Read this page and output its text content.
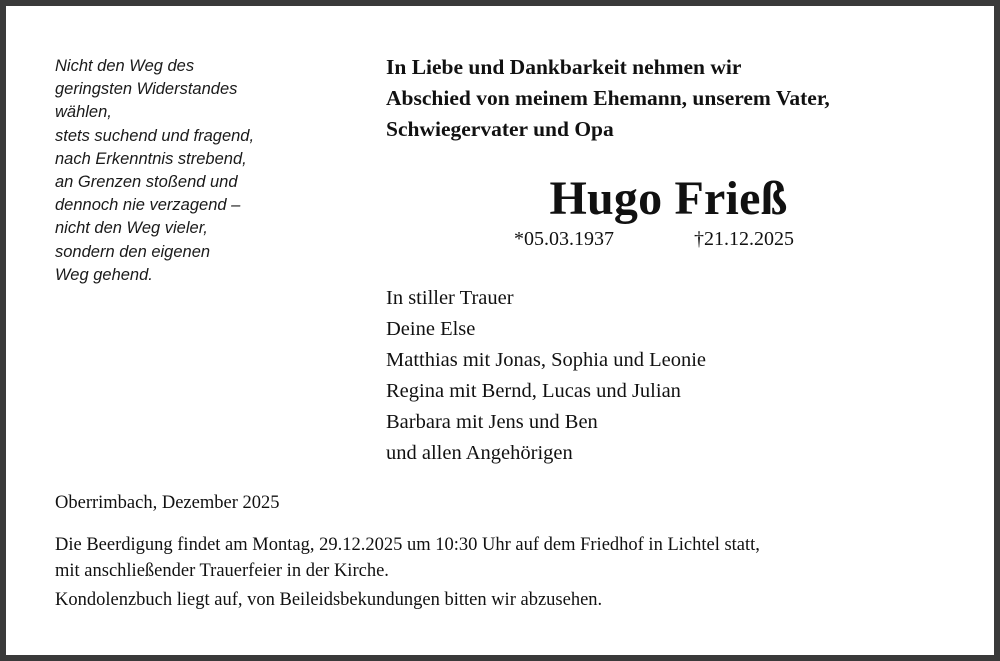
Nicht den Weg des
geringsten Widerstandes
wählen,
stets suchend und fragend,
nach Erkenntnis strebend,
an Grenzen stoßend und
dennoch nie verzagend –
nicht den Weg vieler,
sondern den eigenen
Weg gehend.
In Liebe und Dankbarkeit nehmen wir
Abschied von meinem Ehemann, unserem Vater,
Schwiegervater und Opa
Hugo Frieß
*05.03.1937	†21.12.2025
In stiller Trauer
Deine Else
Matthias mit Jonas, Sophia und Leonie
Regina mit Bernd, Lucas und Julian
Barbara mit Jens und Ben
und allen Angehörigen
Oberrimbach, Dezember 2025
Die Beerdigung findet am Montag, 29.12.2025 um 10:30 Uhr auf dem Friedhof in Lichtel statt,
mit anschließender Trauerfeier in der Kirche.
Kondolenzbuch liegt auf, von Beileidsbekundungen bitten wir abzusehen.
